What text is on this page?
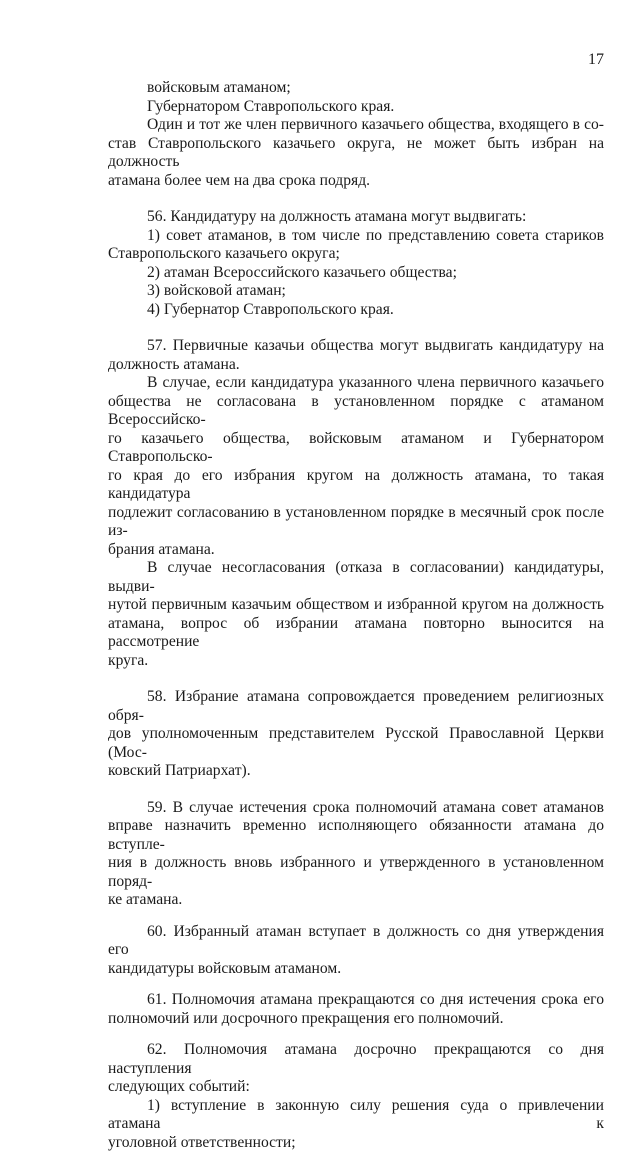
17
войсковым атаманом;
Губернатором Ставропольского края.
Один и тот же член первичного казачьего общества, входящего в со-
став Ставропольского казачьего округа, не может быть избран на должность
атамана более чем на два срока подряд.
56. Кандидатуру на должность атамана могут выдвигать:
1) совет атаманов, в том числе по представлению совета стариков
Ставропольского казачьего округа;
2) атаман Всероссийского казачьего общества;
3) войсковой атаман;
4) Губернатор Ставропольского края.
57. Первичные казачьи общества могут выдвигать кандидатуру на
должность атамана.
В случае, если кандидатура указанного члена первичного казачьего
общества не согласована в установленном порядке с атаманом Всероссийско-
го казачьего общества, войсковым атаманом и Губернатором Ставропольско-
го края до его избрания кругом на должность атамана, то такая кандидатура
подлежит согласованию в установленном порядке в месячный срок после из-
брания атамана.
В случае несогласования (отказа в согласовании) кандидатуры, выдви-
нутой первичным казачьим обществом и избранной кругом на должность
атамана, вопрос об избрании атамана повторно выносится на рассмотрение
круга.
58. Избрание атамана сопровождается проведением религиозных обря-
дов уполномоченным представителем Русской Православной Церкви (Мос-
ковский Патриархат).
59. В случае истечения срока полномочий атамана совет атаманов
вправе назначить временно исполняющего обязанности атамана до вступле-
ния в должность вновь избранного и утвержденного в установленном поряд-
ке атамана.
60. Избранный атаман вступает в должность со дня утверждения его
кандидатуры войсковым атаманом.
61. Полномочия атамана прекращаются со дня истечения срока его
полномочий или досрочного прекращения его полномочий.
62. Полномочия атамана досрочно прекращаются со дня наступления
следующих событий:
1) вступление в законную силу решения суда о привлечении атамана к
уголовной ответственности;
